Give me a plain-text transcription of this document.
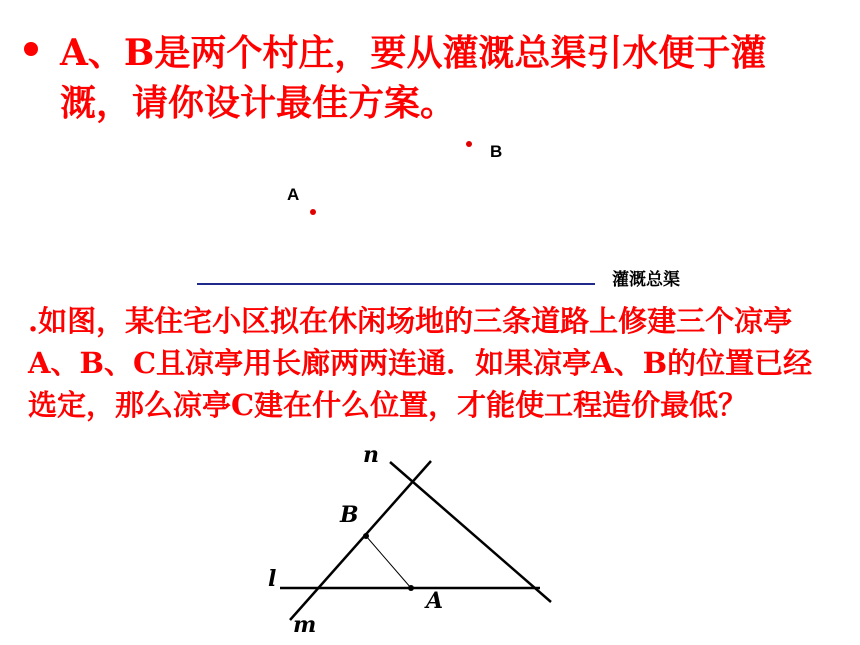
A、B是两个村庄，要从灌溉总渠引水便于灌溉，请你设计最佳方案。
B
A
灌溉总渠
.如图，某住宅小区拟在休闲场地的三条道路上修建三个凉亭A、B、C且凉亭用长廊两两连通．如果凉亭A、B的位置已经选定，那么凉亭C建在什么位置，才能使工程造价最低？
n
B
l
A
m
